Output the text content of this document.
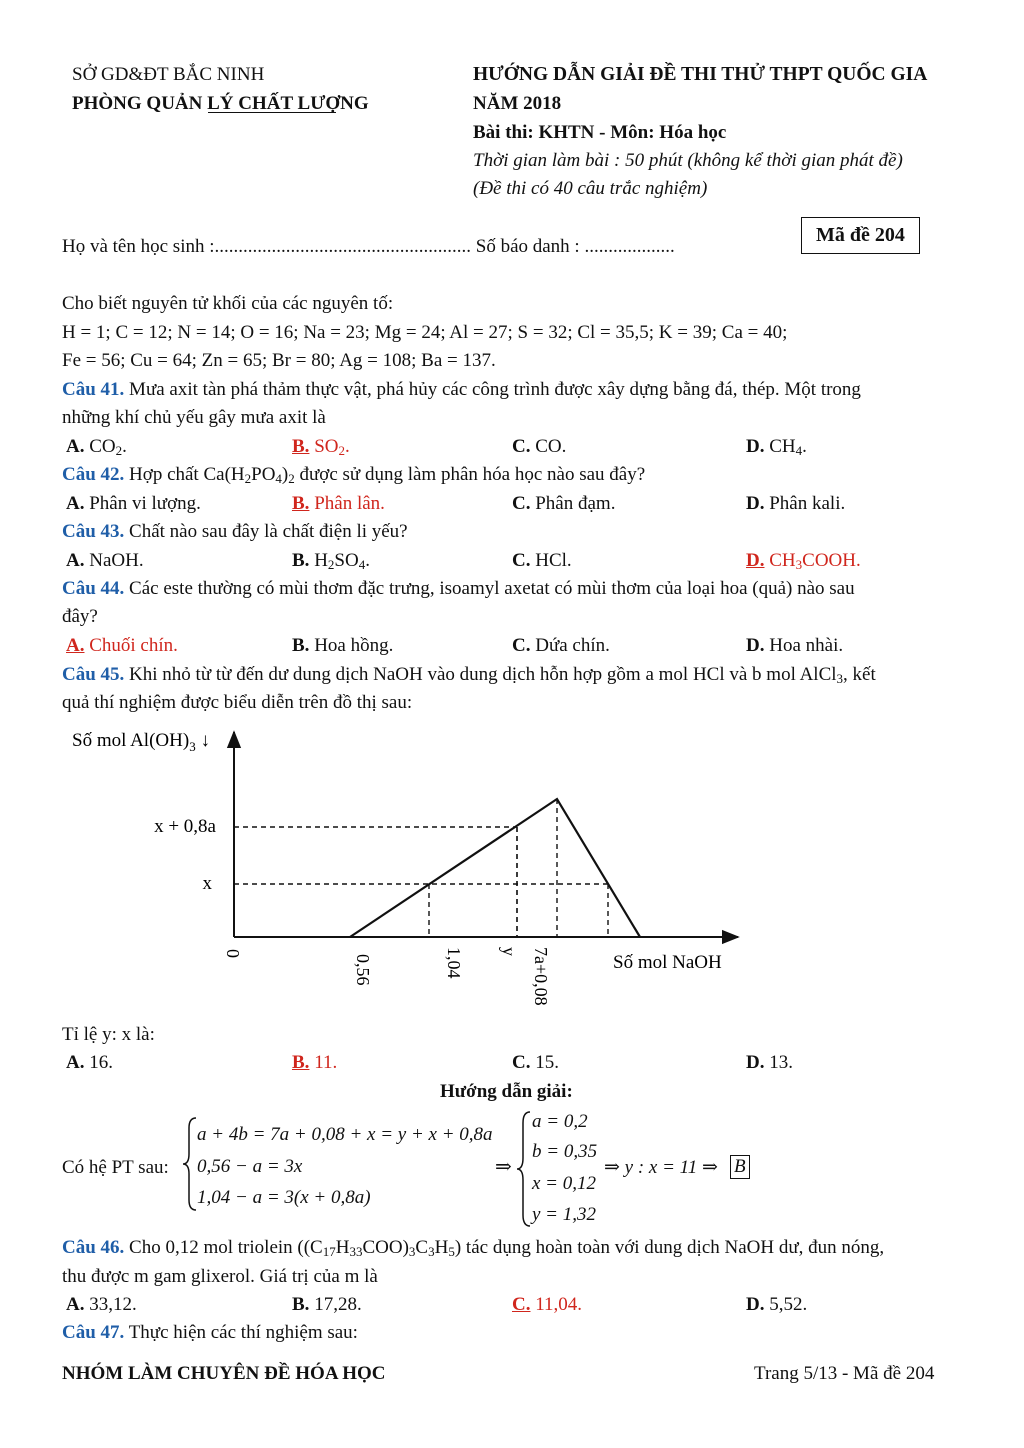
SỞ GD&ĐT BẮC NINH
PHÒNG QUẢN LÝ CHẤT LƯỢNG
HƯỚNG DẪN GIẢI ĐỀ THI THỬ THPT QUỐC GIA
NĂM 2018
Bài thi: KHTN - Môn: Hóa học
Thời gian làm bài : 50 phút (không kể thời gian phát đề)
(Đề thi có 40 câu trắc nghiệm)
Họ và tên học sinh :...................................................... Số báo danh : ...................
Mã đề 204
Cho biết nguyên tử khối của các nguyên tố:
H = 1; C = 12; N = 14; O = 16; Na = 23; Mg = 24; Al = 27; S = 32; Cl = 35,5; K = 39; Ca = 40;
Fe = 56; Cu = 64; Zn = 65; Br = 80; Ag = 108; Ba = 137.
Câu 41. Mưa axit tàn phá thảm thực vật, phá hủy các công trình được xây dựng bằng đá, thép. Một trong
những khí chủ yếu gây mưa axit là
A. $CO_2$.	B. $SO_2$.	C. CO.	D. $CH_4$.
Câu 42. Hợp chất $Ca(H_2PO_4)_2$ được sử dụng làm phân hóa học nào sau đây?
A. Phân vi lượng.	B. Phân lân.	C. Phân đạm.	D. Phân kali.
Câu 43. Chất nào sau đây là chất điện li yếu?
A. NaOH.	B. $H_2SO_4$.	C. HCl.	D. $CH_3COOH$.
Câu 44. Các este thường có mùi thơm đặc trưng, isoamyl axetat có mùi thơm của loại hoa (quả) nào sau
đây?
A. Chuối chín.	B. Hoa hồng.	C. Dứa chín.	D. Hoa nhài.
Câu 45. Khi nhỏ từ từ đến dư dung dịch NaOH vào dung dịch hỗn hợp gồm a mol HCl và b mol AlCl$_3$, kết
quả thí nghiệm được biểu diễn trên đồ thị sau:
Số mol $Al(OH)_3$ ↓
x + 0,8a
x
0
0,56	1,04 y 7a+0,08	Số mol NaOH
Tỉ lệ y: x là:
A. 16.	B. 11.	C. 15.	D. 13.
Hướng dẫn giải:
Có hệ PT sau:
a + 4b = 7a + 0,08 + x = y + x + 0,8a
0,56 − a = 3x
1,04 − a = 3(x + 0,8a)
⇒
a = 0,2
b = 0,35
x = 0,12
y = 1,32
⇒ y : x = 11 ⇒ B
Câu 46. Cho 0,12 mol triolein $((C_{17}H_{33}COO)_3C_3H_5)$ tác dụng hoàn toàn với dung dịch NaOH dư, đun nóng,
thu được m gam glixerol. Giá trị của m là
A. 33,12.	B. 17,28.	C. 11,04.	D. 5,52.
Câu 47. Thực hiện các thí nghiệm sau:
NHÓM LÀM CHUYÊN ĐỀ HÓA HỌC	Trang 5/13 - Mã đề 204
